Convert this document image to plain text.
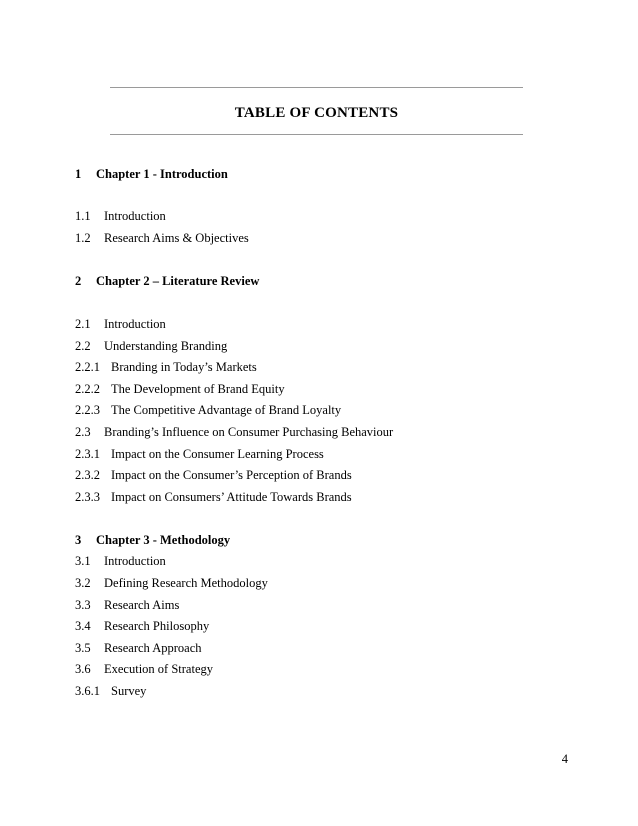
TABLE OF CONTENTS
1 Chapter 1 - Introduction
1.1 Introduction
1.2 Research Aims & Objectives
2 Chapter 2 – Literature Review
2.1 Introduction
2.2 Understanding Branding
2.2.1 Branding in Today’s Markets
2.2.2 The Development of Brand Equity
2.2.3 The Competitive Advantage of Brand Loyalty
2.3 Branding’s Influence on Consumer Purchasing Behaviour
2.3.1 Impact on the Consumer Learning Process
2.3.2 Impact on the Consumer’s Perception of Brands
2.3.3 Impact on Consumers’ Attitude Towards Brands
3 Chapter 3 - Methodology
3.1 Introduction
3.2 Defining Research Methodology
3.3 Research Aims
3.4 Research Philosophy
3.5 Research Approach
3.6 Execution of Strategy
3.6.1 Survey
4
